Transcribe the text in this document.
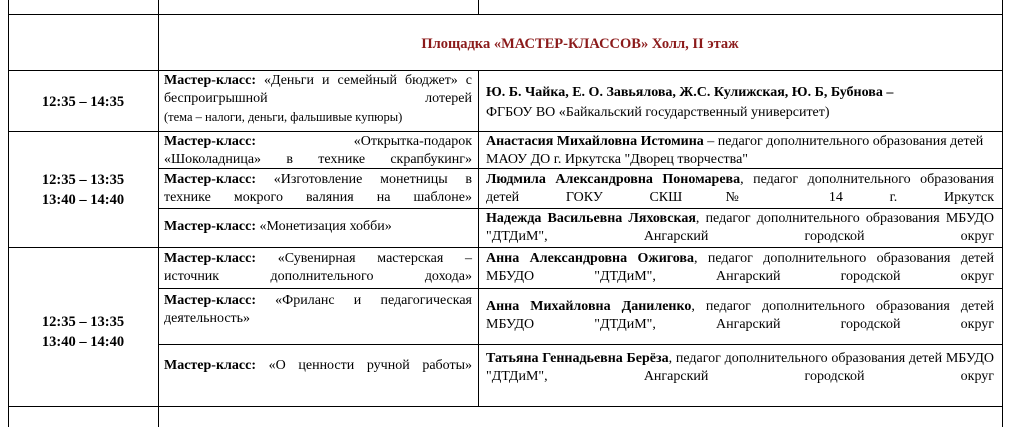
Площадка «МАСТЕР-КЛАССОВ» Холл, II этаж
12:35 – 14:35
Мастер-класс: «Деньги и семейный бюджет» с беспроигрышной лотерей
(тема – налоги, деньги, фальшивые купюры)
Ю. Б. Чайка, Е. О. Завьялова, Ж.С. Кулижская, Ю. Б, Бубнова –
ФГБОУ ВО «Байкальский государственный университет)
12:35 – 13:35
13:40 – 14:40
Мастер-класс:	«Открытка-подарок «Шоколадница» в технике скрапбукинг»
Анастасия Михайловна Истомина – педагог дополнительного образования детей МАОУ ДО г. Иркутска "Дворец творчества"
Мастер-класс: «Изготовление монетницы в технике мокрого валяния на шаблоне»
Людмила Александровна Пономарева, педагог дополнительного образования детей ГОКУ СКШ№ 14 г. Иркутск
Мастер-класс: «Монетизация хобби»
Надежда Васильевна Ляховская, педагог дополнительного образования МБУДО "ДТДиМ", Ангарский городской округ
12:35 – 13:35
13:40 – 14:40
Мастер-класс: «Сувенирная мастерская – источник дополнительного дохода»
Анна Александровна Ожигова, педагог дополнительного образования детей МБУДО "ДТДиМ", Ангарский городской округ
Мастер-класс: «Фриланс и педагогическая деятельность»
Анна Михайловна Даниленко, педагог дополнительного образования детей МБУДО "ДТДиМ", Ангарский городской округ
Мастер-класс: «О ценности ручной работы» Татьяна Геннадьевна Берёза, педагог дополнительного образования детей МБУДО "ДТДиМ", Ангарский городской округ
